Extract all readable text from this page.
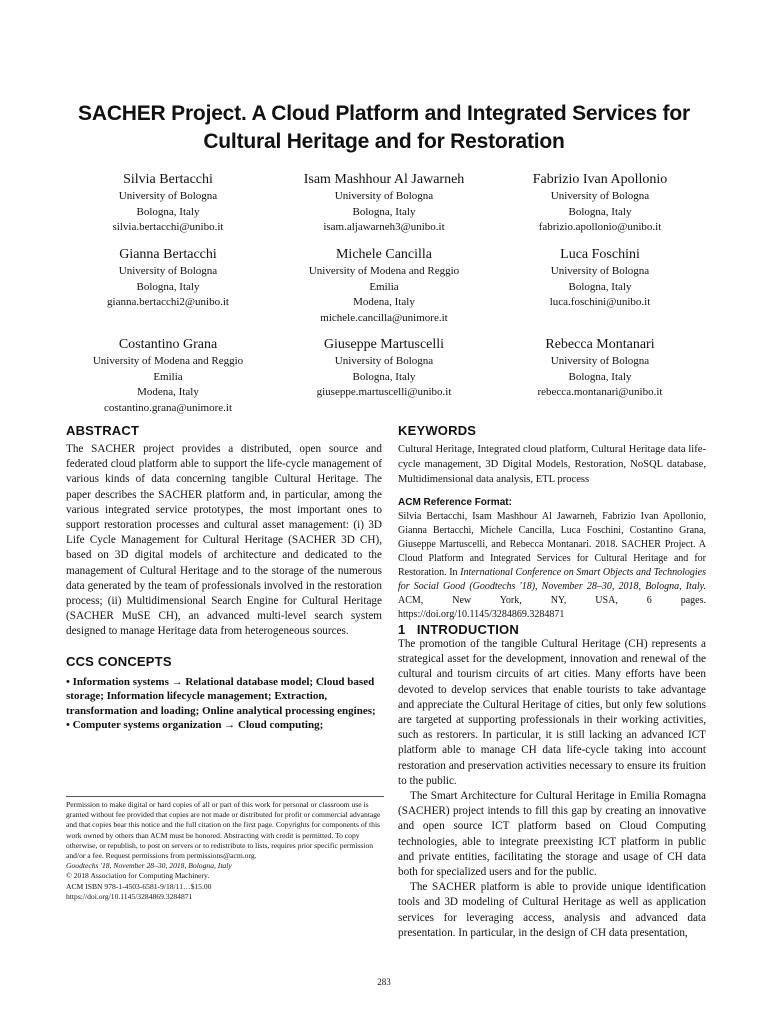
SACHER Project. A Cloud Platform and Integrated Services for
Cultural Heritage and for Restoration
Silvia Bertacchi
University of Bologna
Bologna, Italy
silvia.bertacchi@unibo.it
Isam Mashhour Al Jawarneh
University of Bologna
Bologna, Italy
isam.aljawarneh3@unibo.it
Fabrizio Ivan Apollonio
University of Bologna
Bologna, Italy
fabrizio.apollonio@unibo.it
Gianna Bertacchi
University of Bologna
Bologna, Italy
gianna.bertacchi2@unibo.it
Michele Cancilla
University of Modena and Reggio
Emilia
Modena, Italy
michele.cancilla@unimore.it
Luca Foschini
University of Bologna
Bologna, Italy
luca.foschini@unibo.it
Costantino Grana
University of Modena and Reggio
Emilia
Modena, Italy
costantino.grana@unimore.it
Giuseppe Martuscelli
University of Bologna
Bologna, Italy
giuseppe.martuscelli@unibo.it
Rebecca Montanari
University of Bologna
Bologna, Italy
rebecca.montanari@unibo.it
ABSTRACT

The SACHER project provides a distributed, open source and federated cloud platform able to support the life-cycle management of various kinds of data concerning tangible Cultural Heritage. The paper describes the SACHER platform and, in particular, among the various integrated service prototypes, the most important ones to support restoration processes and cultural asset management: (i) 3D Life Cycle Management for Cultural Heritage (SACHER 3D CH), based on 3D digital models of architecture and dedicated to the management of Cultural Heritage and to the storage of the numerous data generated by the team of professionals involved in the restoration process; (ii) Multidimensional Search Engine for Cultural Heritage (SACHER MuSE CH), an advanced multi-level search system designed to manage Heritage data from heterogeneous sources.

CCS CONCEPTS

• Information systems → Relational database model; Cloud based storage; Information lifecycle management; Extraction, transformation and loading; Online analytical processing engines; • Computer systems organization → Cloud computing;

Permission to make digital or hard copies of all or part of this work for personal or classroom use is granted without fee provided that copies are not made or distributed for profit or commercial advantage and that copies bear this notice and the full citation on the first page. Copyrights for components of this work owned by others than ACM must be honored. Abstracting with credit is permitted. To copy otherwise, or republish, to post on servers or to redistribute to lists, requires prior specific permission and/or a fee. Request permissions from permissions@acm.org.

Goodtechs '18, November 28–30, 2018, Bologna, Italy

© 2018 Association for Computing Machinery.

ACM ISBN 978-1-4503-6581-9/18/11…$15.00

https://doi.org/10.1145/3284869.3284871

KEYWORDS

Cultural Heritage, Integrated cloud platform, Cultural Heritage data life-cycle management, 3D Digital Models, Restoration, NoSQL database, Multidimensional data analysis, ETL process

ACM Reference Format:

Silvia Bertacchi, Isam Mashhour Al Jawarneh, Fabrizio Ivan Apollonio, Gianna Bertacchi, Michele Cancilla, Luca Foschini, Costantino Grana, Giuseppe Martuscelli, and Rebecca Montanari. 2018. SACHER Project. A Cloud Platform and Integrated Services for Cultural Heritage and for Restoration. In International Conference on Smart Objects and Technologies for Social Good (Goodtechs '18), November 28–30, 2018, Bologna, Italy. ACM, New York, NY, USA, 6 pages. https://doi.org/10.1145/3284869.3284871

1   INTRODUCTION

The promotion of the tangible Cultural Heritage (CH) represents a strategical asset for the development, innovation and renewal of the cultural and tourism circuits of art cities. Many efforts have been devoted to develop services that enable tourists to take advantage and appreciate the Cultural Heritage of cities, but only few solutions are targeted at supporting professionals in their working activities, such as restorers. In particular, it is still lacking an advanced ICT platform able to manage CH data life-cycle taking into account restoration and preservation activities necessary to ensure its fruition to the public.

The Smart Architecture for Cultural Heritage in Emilia Romagna (SACHER) project intends to fill this gap by creating an innovative and open source ICT platform based on Cloud Computing technologies, able to integrate preexisting ICT platform in public and private entities, facilitating the storage and usage of CH data both for specialized users and for the public.

The SACHER platform is able to provide unique identification tools and 3D modeling of Cultural Heritage as well as application services for leveraging access, analysis and advanced data presentation. In particular, in the design of CH data presentation,

283
